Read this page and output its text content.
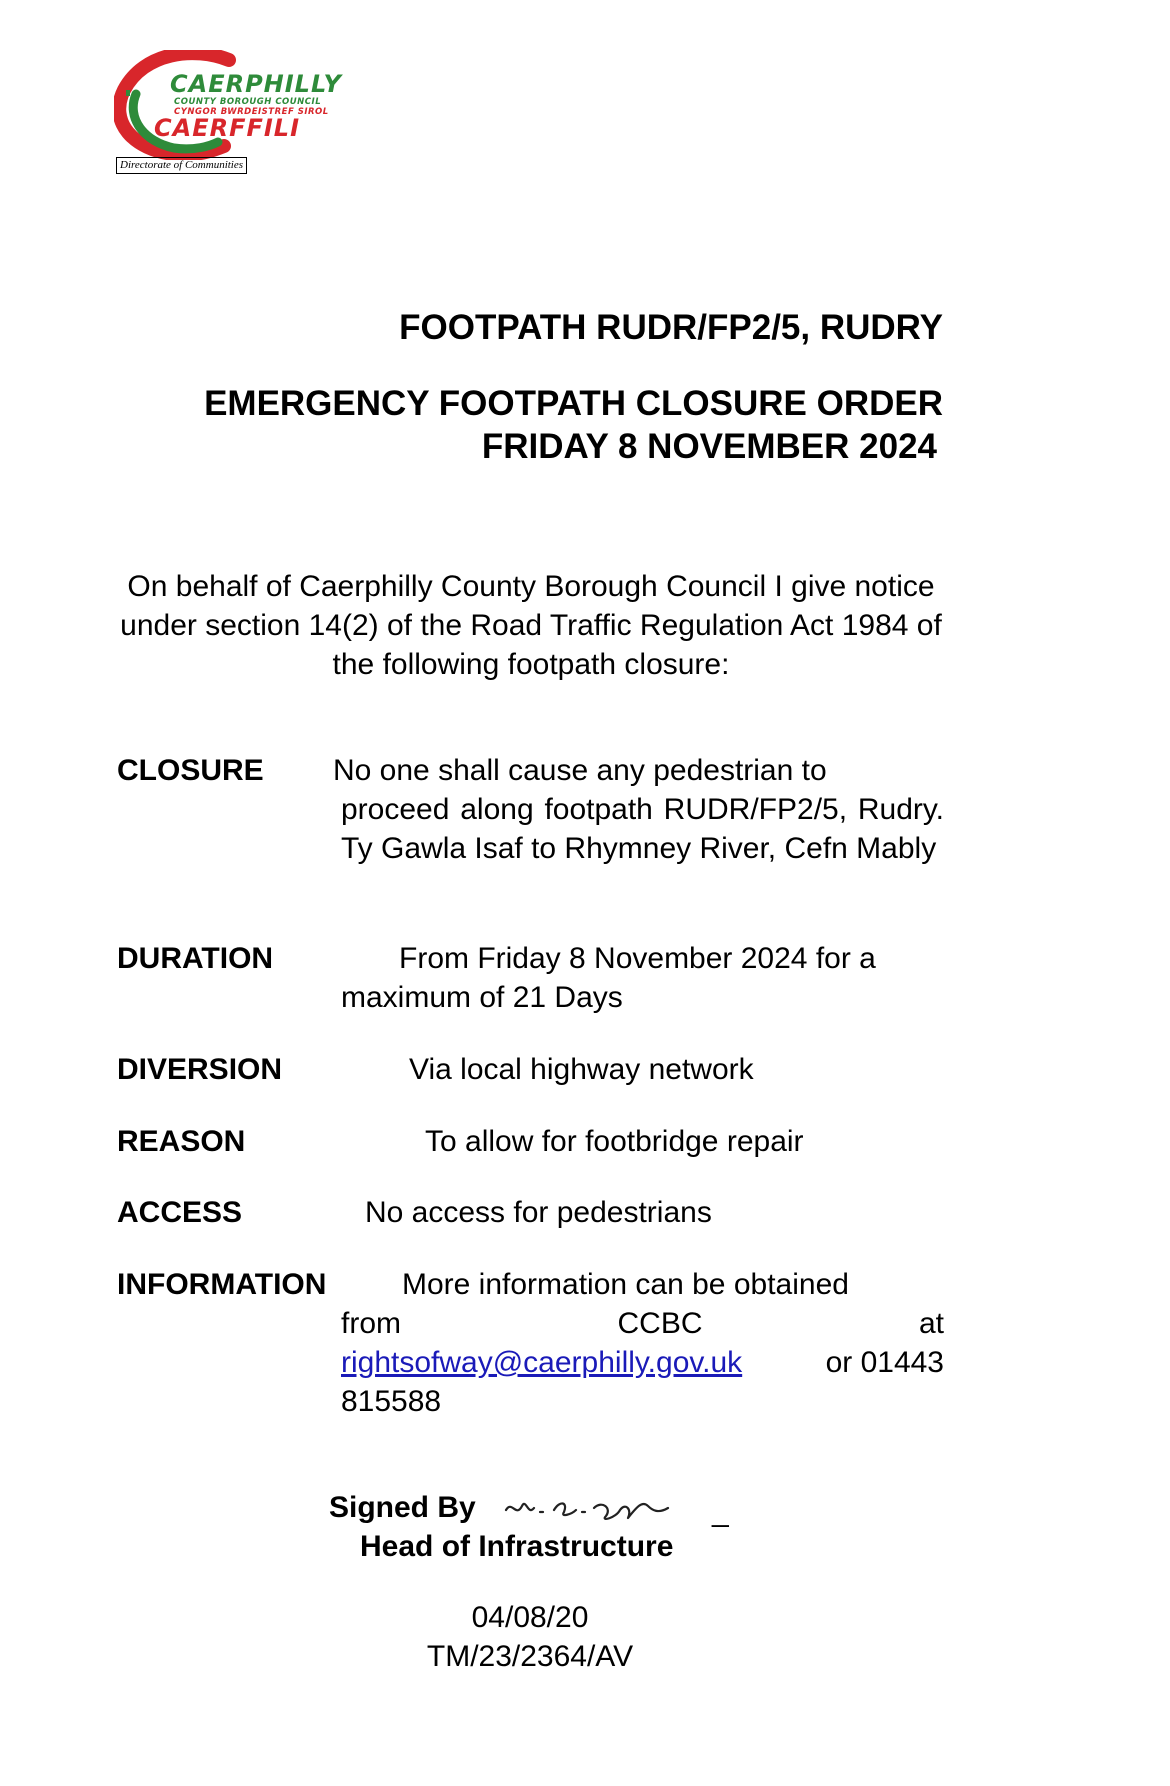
CAERPHILLY
COUNTY BOROUGH COUNCIL
CYNGOR BWRDEISTREF SIROL
CAERFFILI
Directorate of Communities
FOOTPATH RUDR/FP2/5, RUDRY
EMERGENCY FOOTPATH CLOSURE ORDER
FRIDAY 8 NOVEMBER 2024
On behalf of Caerphilly County Borough Council I give notice under section 14(2) of the Road Traffic Regulation Act 1984 of the following footpath closure:
CLOSURE No one shall cause any pedestrian to
proceed along footpath RUDR/FP2/5, Rudry. Ty Gawla Isaf to Rhymney River, Cefn Mably
DURATION	From Friday 8 November 2024 for a
maximum of 21 Days
DIVERSION	Via local highway network
REASON	To allow for footbridge repair
ACCESS	No access for pedestrians
INFORMATION	More information can be obtained
from CCBC at
rightsofway@caerphilly.gov.uk	or 01443
815588
Signed By	_
Head of Infrastructure
04/08/20
TM/23/2364/AV
